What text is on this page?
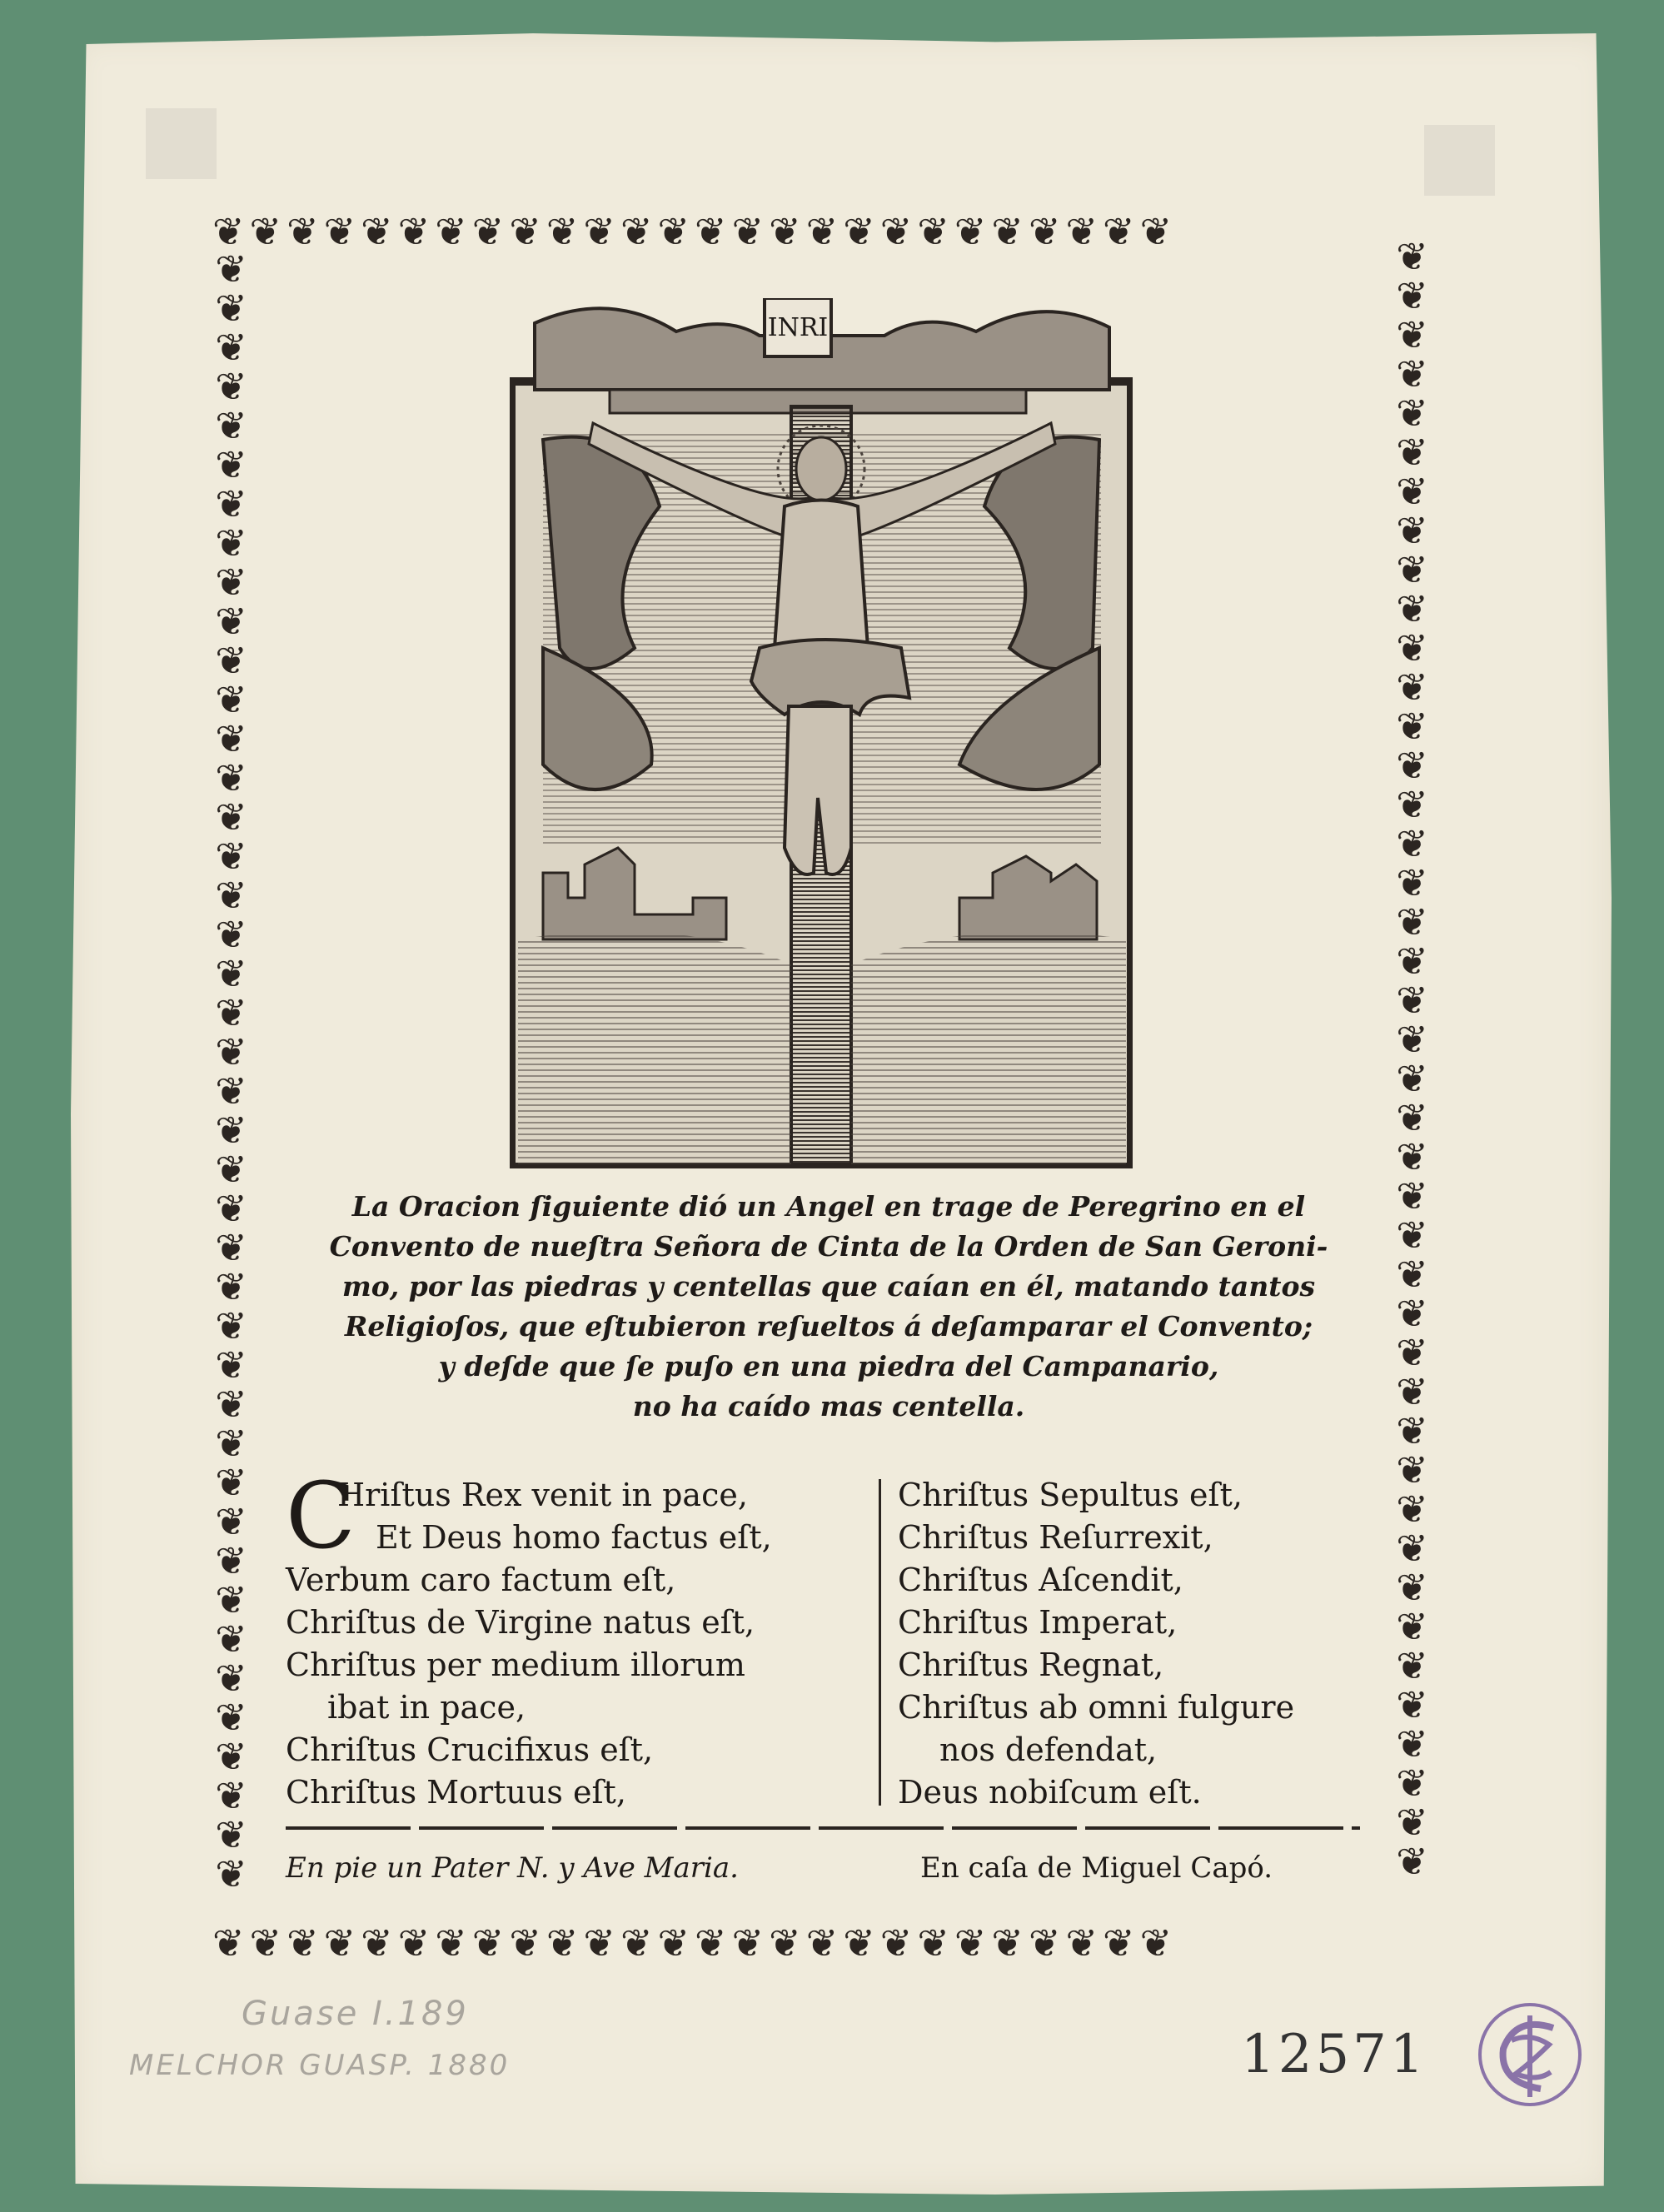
❦❦❦❦❦❦❦❦❦❦❦❦❦❦❦❦❦❦❦❦❦❦❦❦❦❦
❦❦❦❦❦❦❦❦❦❦❦❦❦❦❦❦❦❦❦❦❦❦❦❦❦❦
❦ ❦ ❦ ❦ ❦ ❦ ❦ ❦ ❦ ❦ ❦ ❦ ❦ ❦ ❦ ❦ ❦ ❦ ❦ ❦ ❦ ❦ ❦ ❦ ❦ ❦ ❦ ❦ ❦ ❦ ❦ ❦ ❦ ❦ ❦ ❦ ❦ ❦ ❦ ❦ ❦ ❦
❦ ❦ ❦ ❦ ❦ ❦ ❦ ❦ ❦ ❦ ❦ ❦ ❦ ❦ ❦ ❦ ❦ ❦ ❦ ❦ ❦ ❦ ❦ ❦ ❦ ❦ ❦ ❦ ❦ ❦ ❦ ❦ ❦ ❦ ❦ ❦ ❦ ❦ ❦ ❦ ❦ ❦
INRI
La Oracion ſiguiente dió un Angel en trage de Peregrino en el
Convento de nueſtra Señora de Cinta de la Orden de San Geroni-
mo, por las piedras y centellas que caían en él, matando tantos
Religioſos, que eſtubieron reſueltos á deſamparar el Convento;
y deſde que ſe puſo en una piedra del Campanario,
no ha caído mas centella.
C
Hriſtus Rex venit in pace,
Et Deus homo factus eſt,
Verbum caro factum eſt,
Chriſtus de Virgine natus eſt,
Chriſtus per medium illorum
ibat in pace,
Chriſtus Crucifixus eſt,
Chriſtus Mortuus eſt,
Chriſtus Sepultus eſt,
Chriſtus Reſurrexit,
Chriſtus Aſcendit,
Chriſtus Imperat,
Chriſtus Regnat,
Chriſtus ab omni fulgure
nos defendat,
Deus nobiſcum eſt.
En pie un Pater N. y Ave Maria.	En caſa de Miguel Capó.
Guase I.189
MELCHOR GUASP. 1880	12571
